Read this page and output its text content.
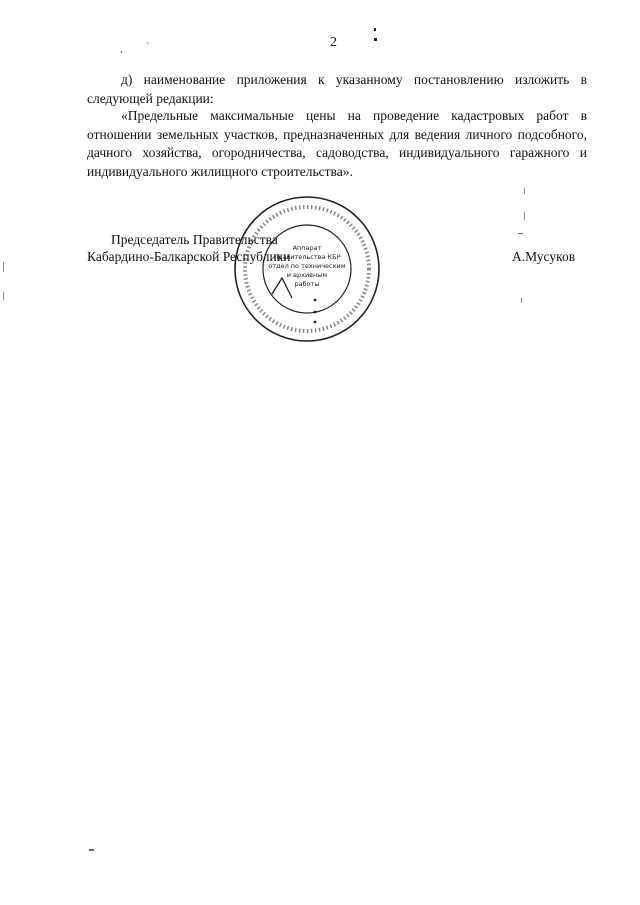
2

д) наименование приложения к указанному постановлению изложить в следующей редакции:

«Предельные максимальные цены на проведение кадастровых работ в отношении земельных участков, предназначенных для ведения личного подсобного, дачного хозяйства, огородничества, садоводства, индивидуального гаражного и индивидуального жилищного строительства».

Аппарат
Правительства КБР
отдел по техническим
и архивным
работы
Председатель Правительства
Кабардино-Балкарской Республики	А.Мусуков
, ˋ
